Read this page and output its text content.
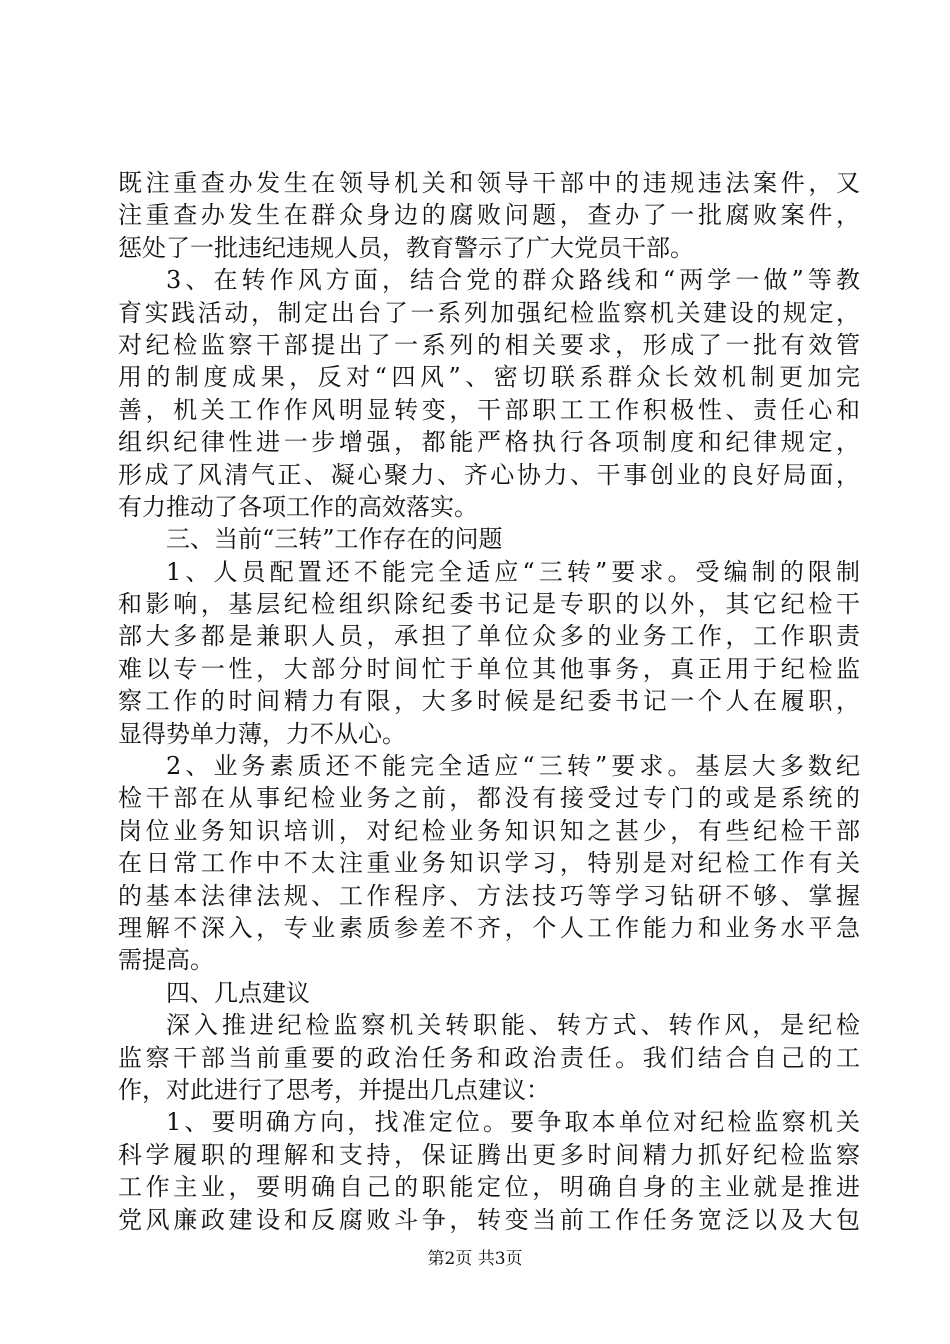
既注重查办发生在领导机关和领导干部中的违规违法案件，又
注重查办发生在群众身边的腐败问题，查办了一批腐败案件，
惩处了一批违纪违规人员，教育警示了广大党员干部。
3、在转作风方面，结合党的群众路线和“两学一做”等教
育实践活动，制定出台了一系列加强纪检监察机关建设的规定，
对纪检监察干部提出了一系列的相关要求，形成了一批有效管
用的制度成果，反对“四风”、密切联系群众长效机制更加完
善，机关工作作风明显转变，干部职工工作积极性、责任心和
组织纪律性进一步增强，都能严格执行各项制度和纪律规定，
形成了风清气正、凝心聚力、齐心协力、干事创业的良好局面，
有力推动了各项工作的高效落实。
三、当前“三转”工作存在的问题
1、人员配置还不能完全适应“三转”要求。受编制的限制
和影响，基层纪检组织除纪委书记是专职的以外，其它纪检干
部大多都是兼职人员，承担了单位众多的业务工作，工作职责
难以专一性，大部分时间忙于单位其他事务，真正用于纪检监
察工作的时间精力有限，大多时候是纪委书记一个人在履职，
显得势单力薄，力不从心。
2、业务素质还不能完全适应“三转”要求。基层大多数纪
检干部在从事纪检业务之前，都没有接受过专门的或是系统的
岗位业务知识培训，对纪检业务知识知之甚少，有些纪检干部
在日常工作中不太注重业务知识学习，特别是对纪检工作有关
的基本法律法规、工作程序、方法技巧等学习钻研不够、掌握
理解不深入，专业素质参差不齐，个人工作能力和业务水平急
需提高。
四、几点建议
深入推进纪检监察机关转职能、转方式、转作风，是纪检
监察干部当前重要的政治任务和政治责任。我们结合自己的工
作，对此进行了思考，并提出几点建议：
1、要明确方向，找准定位。要争取本单位对纪检监察机关
科学履职的理解和支持，保证腾出更多时间精力抓好纪检监察
工作主业，要明确自己的职能定位，明确自身的主业就是推进
党风廉政建设和反腐败斗争，转变当前工作任务宽泛以及大包
第2页 共3页
